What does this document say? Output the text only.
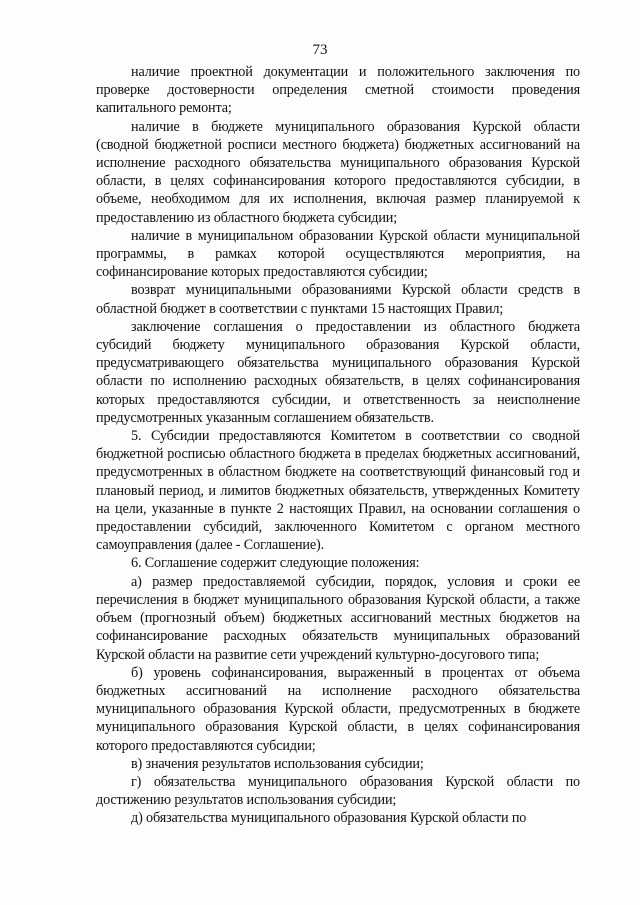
73

наличие проектной документации и положительного заключения по проверке достоверности определения сметной стоимости проведения капитального ремонта;

наличие в бюджете муниципального образования Курской области (сводной бюджетной росписи местного бюджета) бюджетных ассигнований на исполнение расходного обязательства муниципального образования Курской области, в целях софинансирования которого предоставляются субсидии, в объеме, необходимом для их исполнения, включая размер планируемой к предоставлению из областного бюджета субсидии;

наличие в муниципальном образовании Курской области муниципальной программы, в рамках которой осуществляются мероприятия, на софинансирование которых предоставляются субсидии;

возврат муниципальными образованиями Курской области средств в областной бюджет в соответствии с пунктами 15 настоящих Правил;

заключение соглашения о предоставлении из областного бюджета субсидий бюджету муниципального образования Курской области, предусматривающего обязательства муниципального образования Курской области по исполнению расходных обязательств, в целях софинансирования которых предоставляются субсидии, и ответственность за неисполнение предусмотренных указанным соглашением обязательств.

5. Субсидии предоставляются Комитетом в соответствии со сводной бюджетной росписью областного бюджета в пределах бюджетных ассигнований, предусмотренных в областном бюджете на соответствующий финансовый год и плановый период, и лимитов бюджетных обязательств, утвержденных Комитету на цели, указанные в пункте 2 настоящих Правил, на основании соглашения о предоставлении субсидий, заключенного Комитетом с органом местного самоуправления (далее - Соглашение).

6. Соглашение содержит следующие положения:

а) размер предоставляемой субсидии, порядок, условия и сроки ее перечисления в бюджет муниципального образования Курской области, а также объем (прогнозный объем) бюджетных ассигнований местных бюджетов на софинансирование расходных обязательств муниципальных образований Курской области на развитие сети учреждений культурно-досугового типа;

б) уровень софинансирования, выраженный в процентах от объема бюджетных ассигнований на исполнение расходного обязательства муниципального образования Курской области, предусмотренных в бюджете муниципального образования Курской области, в целях софинансирования которого предоставляются субсидии;

в) значения результатов использования субсидии;

г) обязательства муниципального образования Курской области по достижению результатов использования субсидии;

д) обязательства муниципального образования Курской области по
